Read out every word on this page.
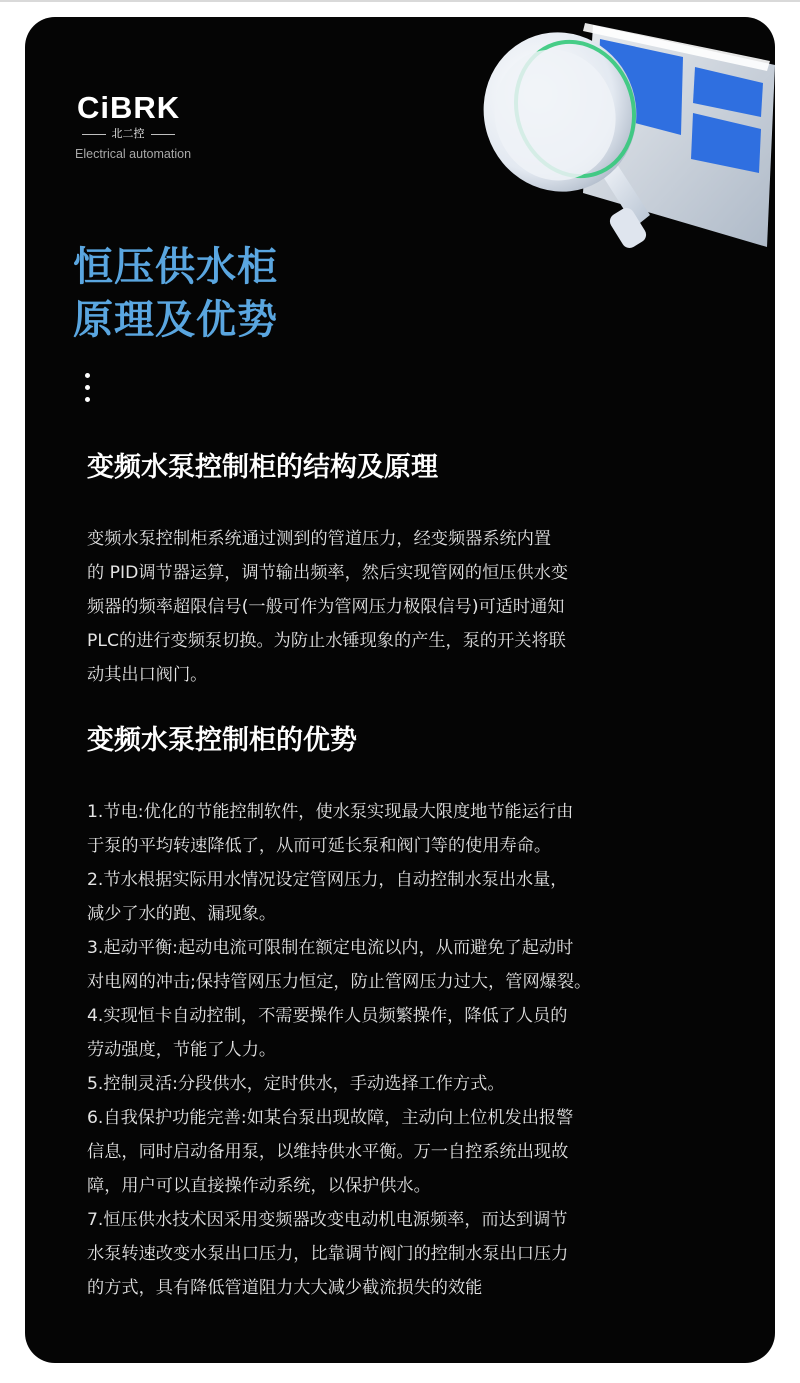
CiBRK
北二控
Electrical automation
恒压供水柜
原理及优势
变频水泵控制柜的结构及原理

变频水泵控制柜系统通过测到的管道压力，经变频器系统内置

的 PID调节器运算，调节输出频率，然后实现管网的恒压供水变

频器的频率超限信号(一般可作为管网压力极限信号)可适时通知

PLC的进行变频泵切换。为防止水锤现象的产生，泵的开关将联

动其出口阀门。

变频水泵控制柜的优势

1.节电:优化的节能控制软件，使水泵实现最大限度地节能运行由

于泵的平均转速降低了，从而可延长泵和阀门等的使用寿命。

2.节水根据实际用水情况设定管网压力，自动控制水泵出水量，

减少了水的跑、漏现象。

3.起动平衡:起动电流可限制在额定电流以内，从而避免了起动时

对电网的冲击;保持管网压力恒定，防止管网压力过大，管网爆裂。

4.实现恒卡自动控制，不需要操作人员频繁操作，降低了人员的

劳动强度，节能了人力。

5.控制灵活:分段供水，定时供水，手动选择工作方式。

6.自我保护功能完善:如某台泵出现故障，主动向上位机发出报警

信息，同时启动备用泵，以维持供水平衡。万一自控系统出现故

障，用户可以直接操作动系统，以保护供水。

7.恒压供水技术因采用变频器改变电动机电源频率，而达到调节

水泵转速改变水泵出口压力，比靠调节阀门的控制水泵出口压力

的方式，具有降低管道阻力大大减少截流损失的效能
